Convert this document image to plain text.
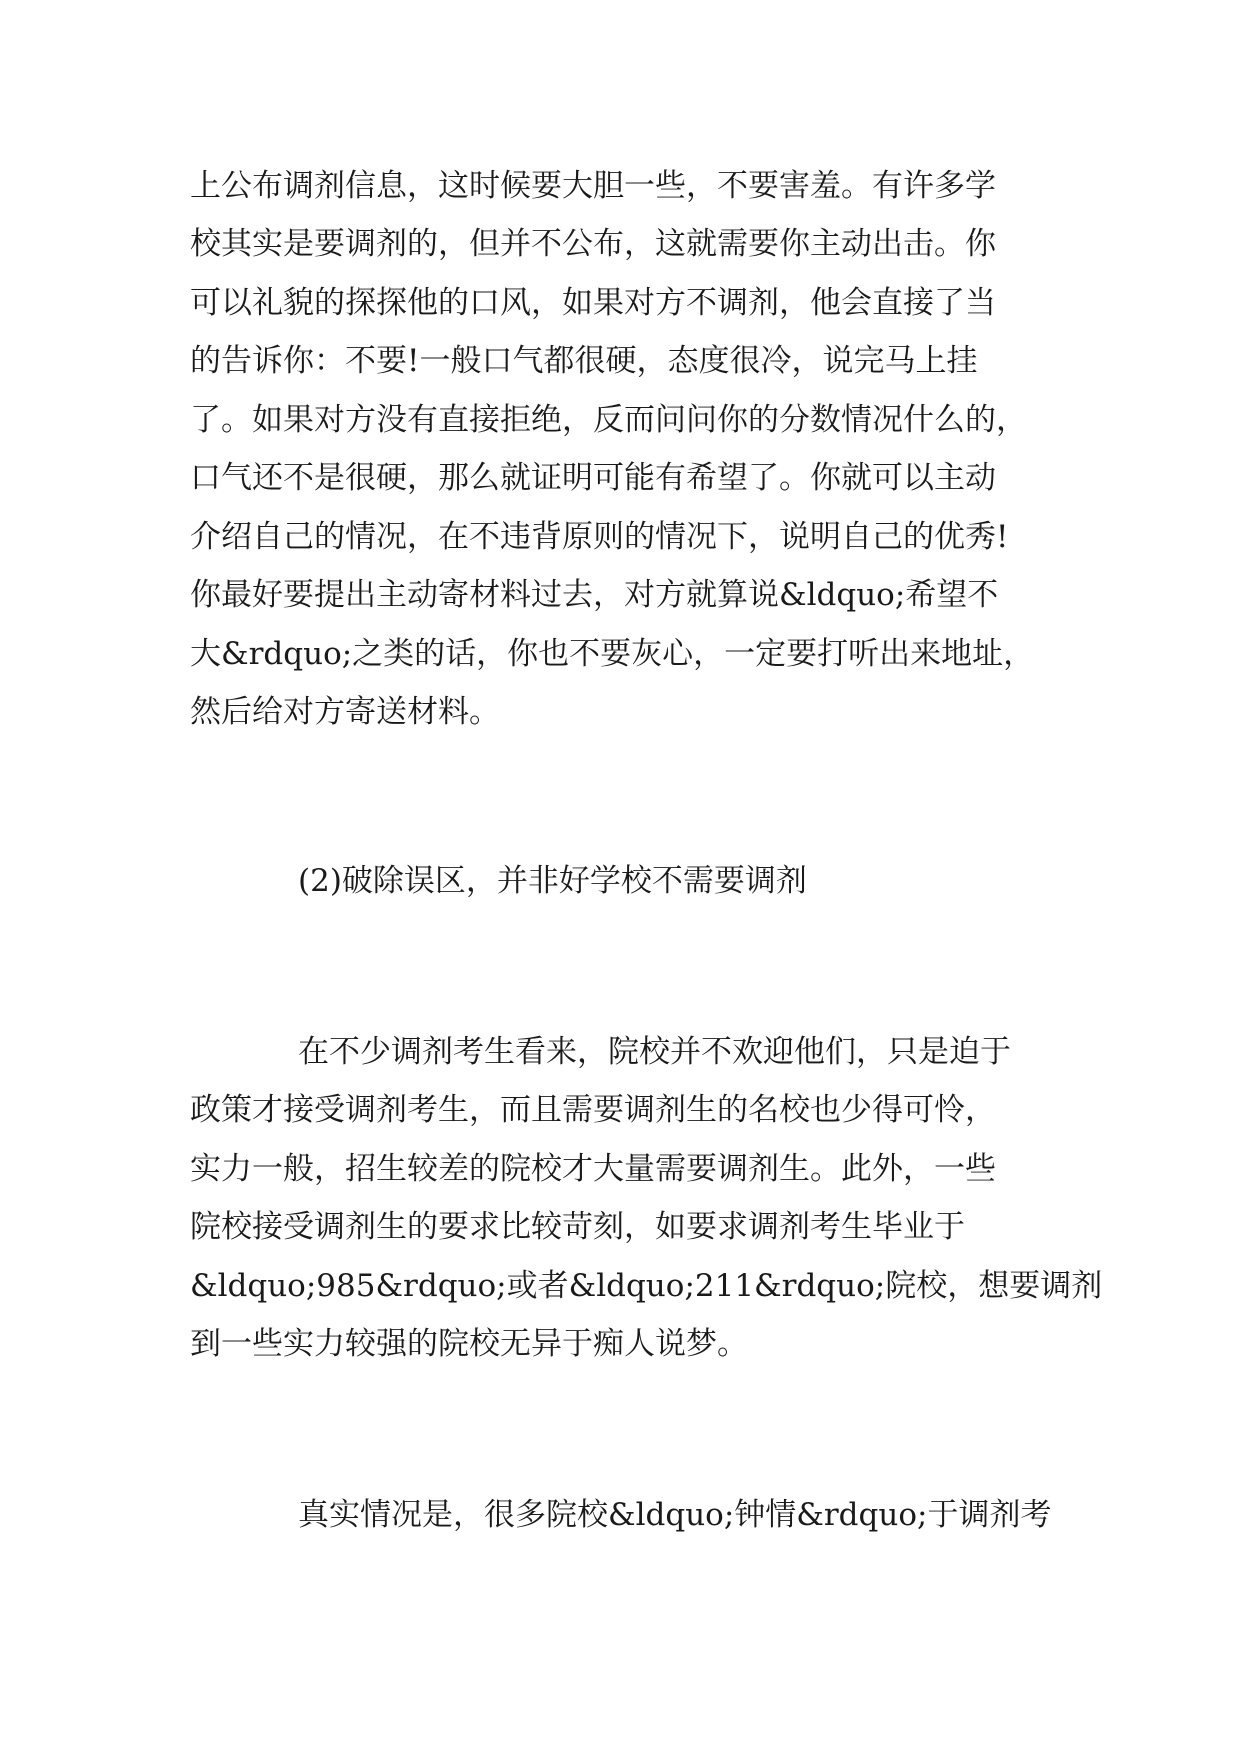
上公布调剂信息，这时候要大胆一些，不要害羞。有许多学
校其实是要调剂的，但并不公布，这就需要你主动出击。你
可以礼貌的探探他的口风，如果对方不调剂，他会直接了当
的告诉你：不要!一般口气都很硬，态度很冷，说完马上挂
了。如果对方没有直接拒绝，反而问问你的分数情况什么的，
口气还不是很硬，那么就证明可能有希望了。你就可以主动
介绍自己的情况，在不违背原则的情况下，说明自己的优秀!
你最好要提出主动寄材料过去，对方就算说&ldquo;希望不
大&rdquo;之类的话，你也不要灰心，一定要打听出来地址，
然后给对方寄送材料。
(2)破除误区，并非好学校不需要调剂
在不少调剂考生看来，院校并不欢迎他们，只是迫于
政策才接受调剂考生，而且需要调剂生的名校也少得可怜，
实力一般，招生较差的院校才大量需要调剂生。此外，一些
院校接受调剂生的要求比较苛刻，如要求调剂考生毕业于
&ldquo;985&rdquo;或者&ldquo;211&rdquo;院校，想要调剂
到一些实力较强的院校无异于痴人说梦。
真实情况是，很多院校&ldquo;钟情&rdquo;于调剂考
